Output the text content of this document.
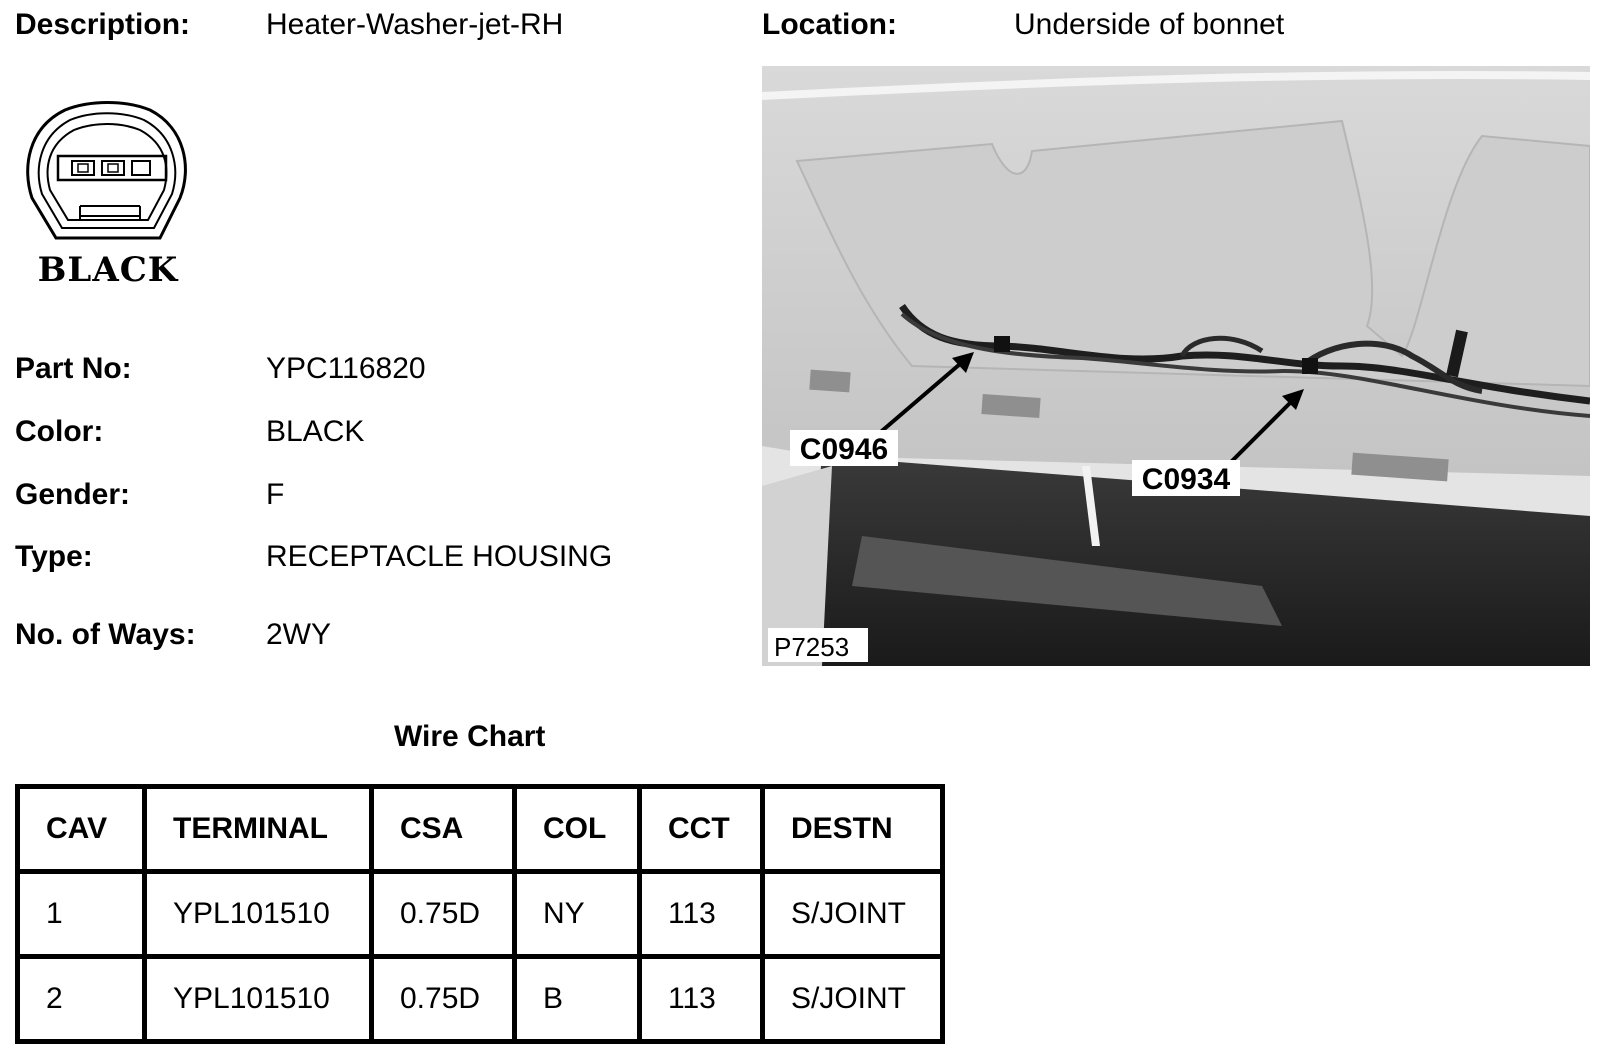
Description:	Heater-Washer-jet-RH	Location:	Underside of bonnet
BLACK
Part No:	YPC116820
Color:	BLACK
Gender:	F
Type:	RECEPTACLE HOUSING
No. of Ways: 2WY
C0946
C0934
P7253
Wire Chart
CAV	TERMINAL	CSA	COL	CCT	DESTN
1	YPL101510	0.75D	NY	113	S/JOINT
2	YPL101510	0.75D	B	113	S/JOINT
